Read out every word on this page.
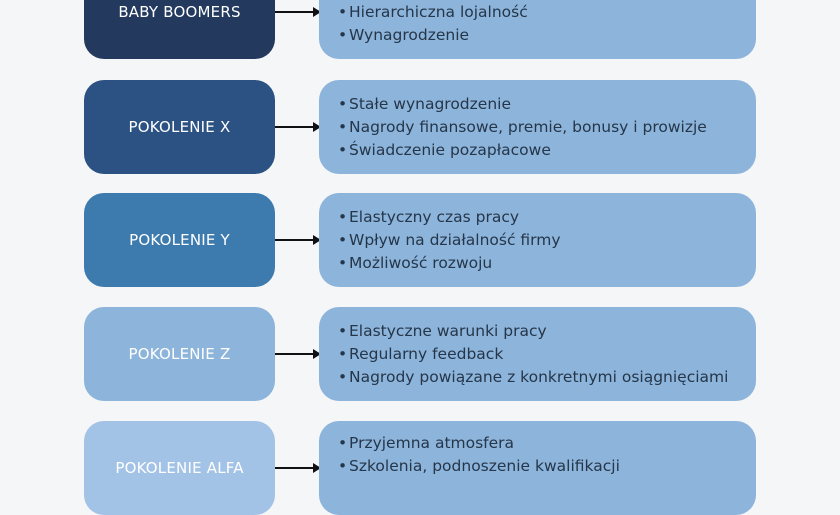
BABY BOOMERS	• Hierarchiczna lojalność
• Wynagrodzenie
POKOLENIE X
• Stałe wynagrodzenie
• Nagrody finansowe, premie, bonusy i prowizje
• Świadczenie pozapłacowe
POKOLENIE Y
• Elastyczny czas pracy
• Wpływ na działalność firmy
• Możliwość rozwoju
POKOLENIE Z
• Elastyczne warunki pracy
• Regularny feedback
• Nagrody powiązane z konkretnymi osiągnięciami
POKOLENIE ALFA
• Przyjemna atmosfera
• Szkolenia, podnoszenie kwalifikacji
